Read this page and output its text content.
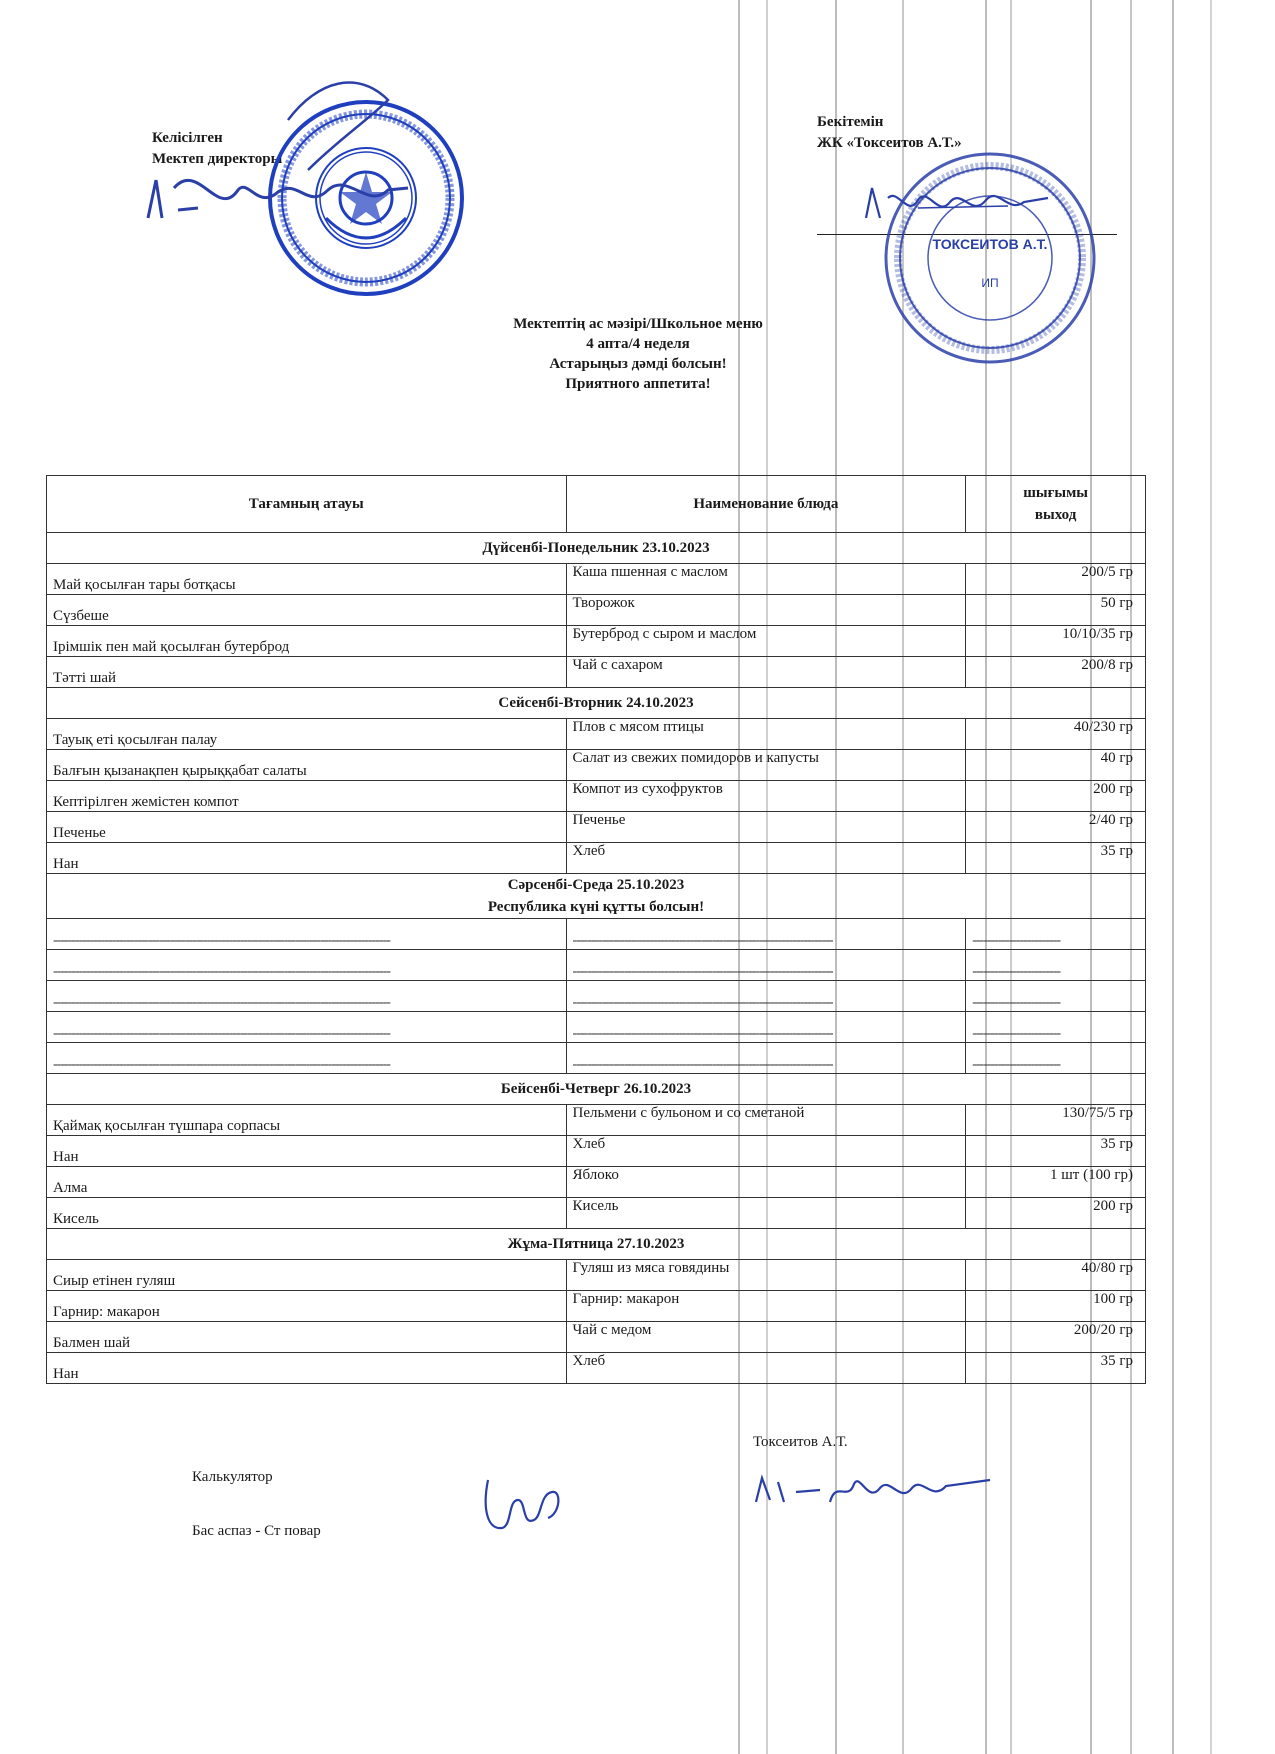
Келісілген
Мектеп директоры
Бекітемін
ЖК «Токсеитов А.Т.»
ТОКСЕИТОВ А.Т.
ИП
Мектептің ас мәзірі/Школьное меню
4 апта/4 неделя
Астарыңыз дәмді болсын!
Приятного аппетита!
Тағамның атауы	Наименование блюда	шығымы
выход

Дүйсенбі-Понедельник 23.10.2023		
Май қосылған тары ботқасы	Каша пшенная с маслом	200/5 гр
Сүзбеше	Творожок	50 гр
Ірімшік пен май қосылған бутерброд	Бутерброд с сыром и маслом	10/10/35 гр
Тәтті шай	Чай с сахаром	200/8 гр
Сейсенбі-Вторник 24.10.2023		
Тауық еті қосылған палау	Плов с мясом птицы	40/230 гр
Балғын қызанақпен қырыққабат салаты	Салат из свежих помидоров и капусты	40 гр
Кептірілген жемістен компот	Компот из сухофруктов	200 гр
Печенье	Печенье	2/40 гр
Нан	Хлеб	35 гр

Сәрсенбі-Среда 25.10.2023
Республика күні құтты болсын!		

--------------------------------------------------------------------------------------------	-----------------------------------------------------------------------	------------------------
--------------------------------------------------------------------------------------------	-----------------------------------------------------------------------	------------------------
--------------------------------------------------------------------------------------------	-----------------------------------------------------------------------	------------------------
--------------------------------------------------------------------------------------------	-----------------------------------------------------------------------	------------------------
--------------------------------------------------------------------------------------------	-----------------------------------------------------------------------	------------------------
Бейсенбі-Четверг 26.10.2023		
Қаймақ қосылған түшпара сорпасы	Пельмени с бульоном и со сметаной	130/75/5 гр
Нан	Хлеб	35 гр
Алма	Яблоко	1 шт (100 гр)
Кисель	Кисель	200 гр
Жұма-Пятница 27.10.2023		
Сиыр етінен гуляш	Гуляш из мяса говядины	40/80 гр
Гарнир: макарон	Гарнир: макарон	100 гр
Балмен шай	Чай с медом	200/20 гр
Нан	Хлеб	35 гр
Калькулятор
Бас аспаз - Ст повар
Токсеитов А.Т.
